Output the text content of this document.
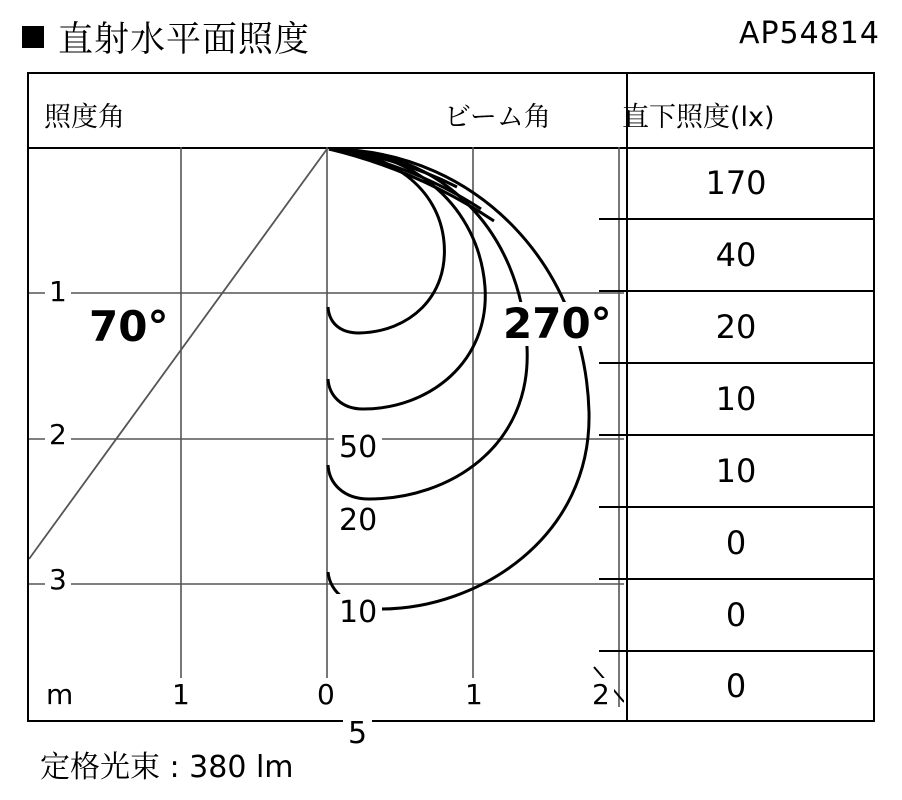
直射水平面照度	AP54814
照度角	ビーム角	直下照度(lx)
70°	270°
50
20
10
5
1
2
3
m	1	0	1	2
170
40
20
10
10
0
0
0
定格光束 : 380 lm
